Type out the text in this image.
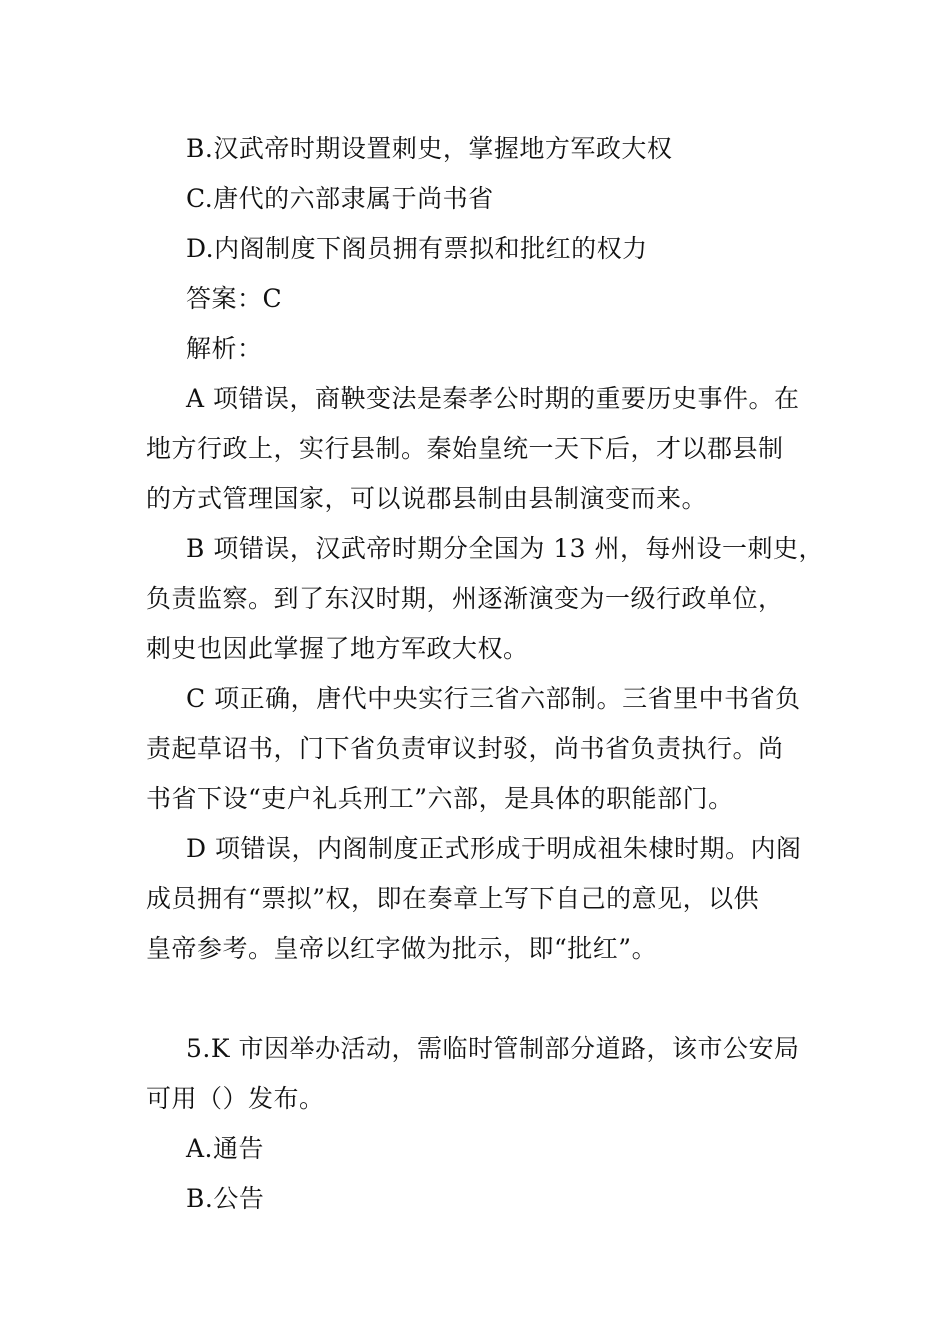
B.汉武帝时期设置刺史，掌握地方军政大权
C.唐代的六部隶属于尚书省
D.内阁制度下阁员拥有票拟和批红的权力
答案：C
解析：
A 项错误，商鞅变法是秦孝公时期的重要历史事件。在
地方行政上，实行县制。秦始皇统一天下后，才以郡县制
的方式管理国家，可以说郡县制由县制演变而来。
B 项错误，汉武帝时期分全国为 13 州，每州设一刺史，
负责监察。到了东汉时期，州逐渐演变为一级行政单位，
刺史也因此掌握了地方军政大权。
C 项正确，唐代中央实行三省六部制。三省里中书省负
责起草诏书，门下省负责审议封驳，尚书省负责执行。尚
书省下设“吏户礼兵刑工”六部，是具体的职能部门。
D 项错误，内阁制度正式形成于明成祖朱棣时期。内阁
成员拥有“票拟”权，即在奏章上写下自己的意见，以供
皇帝参考。皇帝以红字做为批示，即“批红”。
5.K 市因举办活动，需临时管制部分道路，该市公安局
可用（）发布。
A.通告
B.公告
